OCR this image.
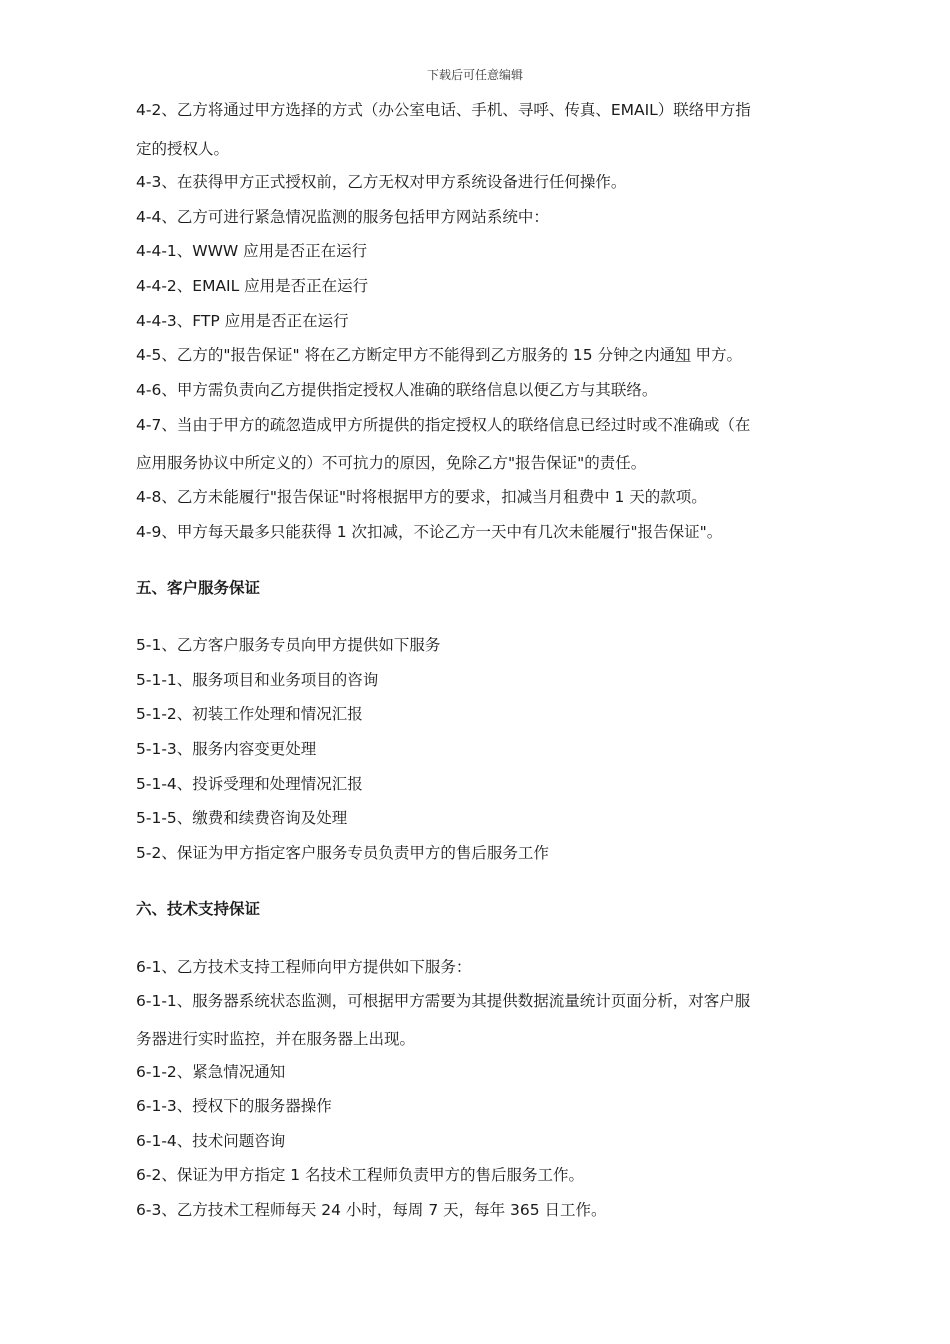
下载后可任意编辑
4-2、乙方将通过甲方选择的方式（办公室电话、手机、寻呼、传真、EMAIL）联络甲方指
定的授权人。
4-3、在获得甲方正式授权前，乙方无权对甲方系统设备进行任何操作。
4-4、乙方可进行紧急情况监测的服务包括甲方网站系统中：
4-4-1、WWW 应用是否正在运行
4-4-2、EMAIL 应用是否正在运行
4-4-3、FTP 应用是否正在运行
4-5、乙方的"报告保证" 将在乙方断定甲方不能得到乙方服务的 15 分钟之内通知 甲方。
4-6、甲方需负责向乙方提供指定授权人准确的联络信息以便乙方与其联络。
4-7、当由于甲方的疏忽造成甲方所提供的指定授权人的联络信息已经过时或不准确或（在
应用服务协议中所定义的）不可抗力的原因，免除乙方"报告保证"的责任。
4-8、乙方未能履行"报告保证"时将根据甲方的要求，扣减当月租费中 1 天的款项。
4-9、甲方每天最多只能获得 1 次扣减，不论乙方一天中有几次未能履行"报告保证"。
五、客户服务保证
5-1、乙方客户服务专员向甲方提供如下服务
5-1-1、服务项目和业务项目的咨询
5-1-2、初装工作处理和情况汇报
5-1-3、服务内容变更处理
5-1-4、投诉受理和处理情况汇报
5-1-5、缴费和续费咨询及处理
5-2、保证为甲方指定客户服务专员负责甲方的售后服务工作
六、技术支持保证
6-1、乙方技术支持工程师向甲方提供如下服务：
6-1-1、服务器系统状态监测，可根据甲方需要为其提供数据流量统计页面分析，对客户服
务器进行实时监控，并在服务器上出现。
6-1-2、紧急情况通知
6-1-3、授权下的服务器操作
6-1-4、技术问题咨询
6-2、保证为甲方指定 1 名技术工程师负责甲方的售后服务工作。
6-3、乙方技术工程师每天 24 小时，每周 7 天，每年 365 日工作。
